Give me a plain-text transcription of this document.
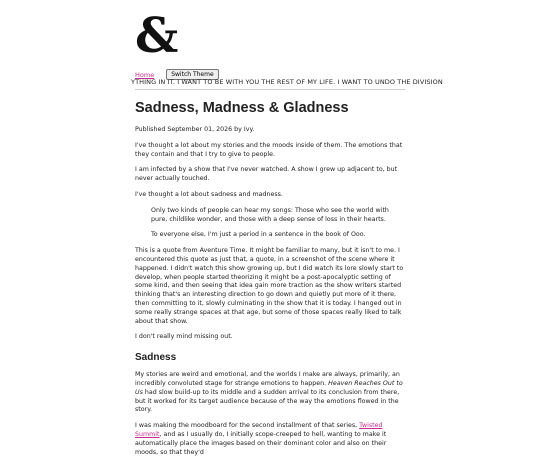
&
Home	Switch Theme
YTHING IN IT. I WANT TO BE WITH YOU THE REST OF MY LIFE. I WANT TO UNDO THE DIVISION
Sadness, Madness & Gladness

Published September 01, 2026 by Ivy.

I've thought a lot about my stories and the moods inside of them. The emotions that they contain and that I try to give to people.

I am infected by a show that I've never watched. A show I grew up adjacent to, but never actually touched.

I've thought a lot about sadness and madness.

Only two kinds of people can hear my songs: Those who see the world with pure, childlike wonder, and those with a deep sense of loss in their hearts.

To everyone else, I'm just a period in a sentence in the book of Ooo.

This is a quote from Aventure Time. It might be familiar to many, but it isn't to me. I encountered this quote as just that, a quote, in a screenshot of the scene where it happened. I didn't watch this show growing up, but I did watch its lore slowly start to develop, when people started theorizing it might be a post-apocalyptic setting of some kind, and then seeing that idea gain more traction as the show writers started thinking that's an interesting direction to go down and quietly put more of it there, then committing to it, slowly culminating in the show that it is today. I hanged out in some really strange spaces at that age, but some of those spaces really liked to talk about that show.

I don't really mind missing out.

Sadness

My stories are weird and emotional, and the worlds I make are always, primarily, an incredibly convoluted stage for strange emotions to happen. Heaven Reaches Out to Us had slow build-up to its middle and a sudden arrival to its conclusion from there, but it worked for its target audience because of the way the emotions flowed in the story.

I was making the moodboard for the second installment of that series, Twisted Summit, and as I usually do, I initially scope-creeped to hell, wanting to make it automatically place the images based on their dominant color and also on their moods, so that they'd
